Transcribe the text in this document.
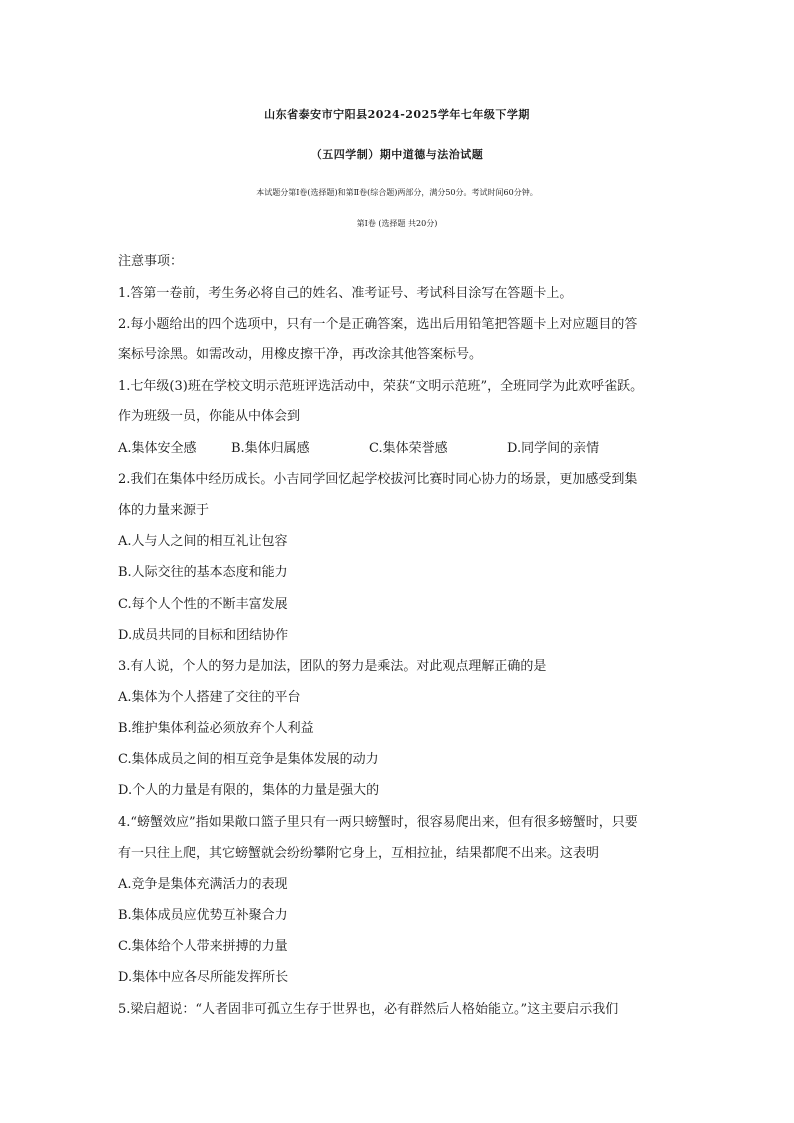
山东省泰安市宁阳县2024-2025学年七年级下学期
（五四学制）期中道德与法治试题
本试题分第Ⅰ卷(选择题)和第Ⅱ卷(综合题)两部分，满分50分。考试时间60分钟。
第Ⅰ卷 (选择题 共20分)
注意事项：
1.答第一卷前，考生务必将自己的姓名、准考证号、考试科目涂写在答题卡上。
2.每小题给出的四个选项中，只有一个是正确答案，选出后用铅笔把答题卡上对应题目的答
案标号涂黑。如需改动，用橡皮擦干净，再改涂其他答案标号。
1.七年级(3)班在学校文明示范班评选活动中，荣获“文明示范班”，全班同学为此欢呼雀跃。
作为班级一员，你能从中体会到
A.集体安全感	B.集体归属感	C.集体荣誉感	D.同学间的亲情
2.我们在集体中经历成长。小吉同学回忆起学校拔河比赛时同心协力的场景，更加感受到集
体的力量来源于
A.人与人之间的相互礼让包容
B.人际交往的基本态度和能力
C.每个人个性的不断丰富发展
D.成员共同的目标和团结协作
3.有人说，个人的努力是加法，团队的努力是乘法。对此观点理解正确的是
A.集体为个人搭建了交往的平台
B.维护集体利益必须放弃个人利益
C.集体成员之间的相互竞争是集体发展的动力
D.个人的力量是有限的，集体的力量是强大的
4.“螃蟹效应”指如果敞口篮子里只有一两只螃蟹时，很容易爬出来，但有很多螃蟹时，只要
有一只往上爬，其它螃蟹就会纷纷攀附它身上，互相拉扯，结果都爬不出来。这表明
A.竞争是集体充满活力的表现
B.集体成员应优势互补聚合力
C.集体给个人带来拼搏的力量
D.集体中应各尽所能发挥所长
5.梁启超说：“人者固非可孤立生存于世界也，必有群然后人格始能立。”这主要启示我们
